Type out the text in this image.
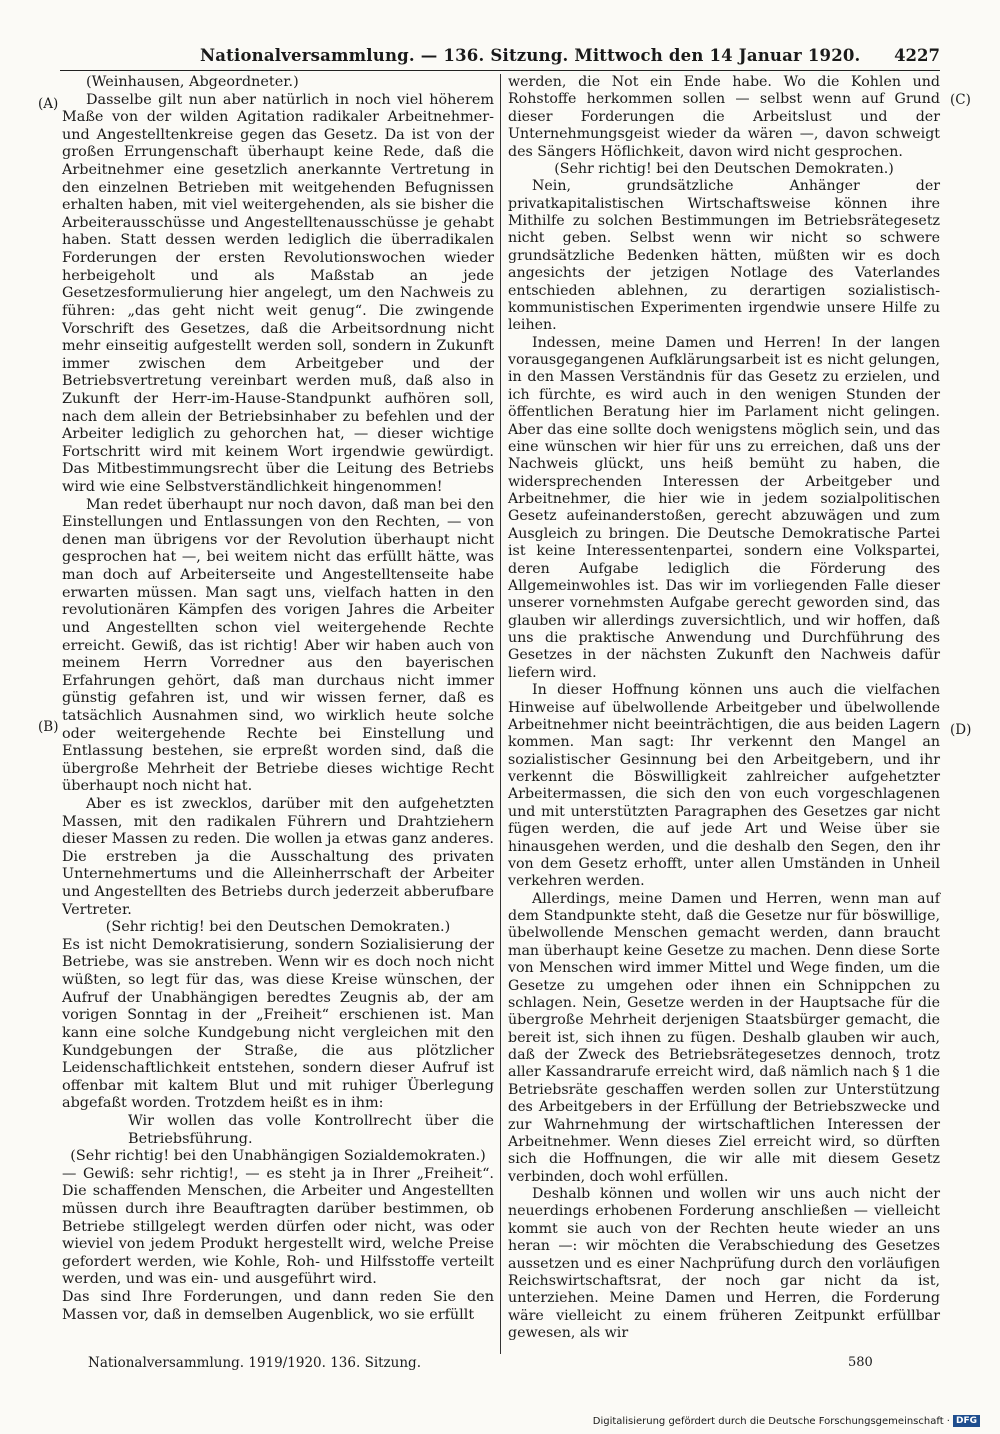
Nationalversammlung. — 136. Sitzung. Mittwoch den 14 Januar 1920. 4227
(A)
(B)
(C)
(D)

(Weinhausen, Abgeordneter.)

Dasselbe gilt nun aber natürlich in noch viel höherem Maße von der wilden Agitation radikaler Arbeitnehmer- und Angestelltenkreise gegen das Gesetz. Da ist von der großen Errungenschaft überhaupt keine Rede, daß die Arbeitnehmer eine gesetzlich anerkannte Vertretung in den einzelnen Betrieben mit weitgehenden Befugnissen erhalten haben, mit viel weitergehenden, als sie bisher die Arbeiterausschüsse und Angestelltenausschüsse je gehabt haben. Statt dessen werden lediglich die überradikalen Forderungen der ersten Revolutionswochen wieder herbeigeholt und als Maßstab an jede Gesetzesformulierung hier angelegt, um den Nachweis zu führen: „das geht nicht weit genug“. Die zwingende Vorschrift des Gesetzes, daß die Arbeitsordnung nicht mehr einseitig aufgestellt werden soll, sondern in Zukunft immer zwischen dem Arbeitgeber und der Betriebsvertretung vereinbart werden muß, daß also in Zukunft der Herr-im-Hause-Standpunkt aufhören soll, nach dem allein der Betriebsinhaber zu befehlen und der Arbeiter lediglich zu gehorchen hat, — dieser wichtige Fortschritt wird mit keinem Wort irgendwie gewürdigt. Das Mitbestimmungsrecht über die Leitung des Betriebs wird wie eine Selbstverständlichkeit hingenommen!

Man redet überhaupt nur noch davon, daß man bei den Einstellungen und Entlassungen von den Rechten, — von denen man übrigens vor der Revolution überhaupt nicht gesprochen hat —, bei weitem nicht das erfüllt hätte, was man doch auf Arbeiterseite und Angestelltenseite habe erwarten müssen. Man sagt uns, vielfach hatten in den revolutionären Kämpfen des vorigen Jahres die Arbeiter und Angestellten schon viel weitergehende Rechte erreicht. Gewiß, das ist richtig! Aber wir haben auch von meinem Herrn Vorredner aus den bayerischen Erfahrungen gehört, daß man durchaus nicht immer günstig gefahren ist, und wir wissen ferner, daß es tatsächlich Ausnahmen sind, wo wirklich heute solche oder weitergehende Rechte bei Einstellung und Entlassung bestehen, sie erpreßt worden sind, daß die übergroße Mehrheit der Betriebe dieses wichtige Recht überhaupt noch nicht hat.

Aber es ist zwecklos, darüber mit den aufgehetzten Massen, mit den radikalen Führern und Drahtziehern dieser Massen zu reden. Die wollen ja etwas ganz anderes. Die erstreben ja die Ausschaltung des privaten Unternehmertums und die Alleinherrschaft der Arbeiter und Angestellten des Betriebs durch jederzeit abberufbare Vertreter.

(Sehr richtig! bei den Deutschen Demokraten.)

Es ist nicht Demokratisierung, sondern Sozialisierung der Betriebe, was sie anstreben. Wenn wir es doch noch nicht wüßten, so legt für das, was diese Kreise wünschen, der Aufruf der Unabhängigen beredtes Zeugnis ab, der am vorigen Sonntag in der „Freiheit“ erschienen ist. Man kann eine solche Kundgebung nicht vergleichen mit den Kundgebungen der Straße, die aus plötzlicher Leidenschaftlichkeit entstehen, sondern dieser Aufruf ist offenbar mit kaltem Blut und mit ruhiger Überlegung abgefaßt worden. Trotzdem heißt es in ihm:

Wir wollen das volle Kontrollrecht über die Betriebsführung.

(Sehr richtig! bei den Unabhängigen Sozialdemokraten.)

— Gewiß: sehr richtig!, — es steht ja in Ihrer „Freiheit“. Die schaffenden Menschen, die Arbeiter und Angestellten müssen durch ihre Beauftragten darüber bestimmen, ob Betriebe stillgelegt werden dürfen oder nicht, was oder wieviel von jedem Produkt hergestellt wird, welche Preise gefordert werden, wie Kohle, Roh- und Hilfsstoffe verteilt werden, und was ein- und ausgeführt wird.

Das sind Ihre Forderungen, und dann reden Sie den Massen vor, daß in demselben Augenblick, wo sie erfüllt

werden, die Not ein Ende habe. Wo die Kohlen und Rohstoffe herkommen sollen — selbst wenn auf Grund dieser Forderungen die Arbeitslust und der Unternehmungsgeist wieder da wären —, davon schweigt des Sängers Höflichkeit, davon wird nicht gesprochen.

(Sehr richtig! bei den Deutschen Demokraten.)

Nein, grundsätzliche Anhänger der privatkapitalistischen Wirtschaftsweise können ihre Mithilfe zu solchen Bestimmungen im Betriebsrätegesetz nicht geben. Selbst wenn wir nicht so schwere grundsätzliche Bedenken hätten, müßten wir es doch angesichts der jetzigen Notlage des Vaterlandes entschieden ablehnen, zu derartigen sozialistisch-kommunistischen Experimenten irgendwie unsere Hilfe zu leihen.

Indessen, meine Damen und Herren! In der langen vorausgegangenen Aufklärungsarbeit ist es nicht gelungen, in den Massen Verständnis für das Gesetz zu erzielen, und ich fürchte, es wird auch in den wenigen Stunden der öffentlichen Beratung hier im Parlament nicht gelingen. Aber das eine sollte doch wenigstens möglich sein, und das eine wünschen wir hier für uns zu erreichen, daß uns der Nachweis glückt, uns heiß bemüht zu haben, die widersprechenden Interessen der Arbeitgeber und Arbeitnehmer, die hier wie in jedem sozialpolitischen Gesetz aufeinanderstoßen, gerecht abzuwägen und zum Ausgleich zu bringen. Die Deutsche Demokratische Partei ist keine Interessentenpartei, sondern eine Volkspartei, deren Aufgabe lediglich die Förderung des Allgemeinwohles ist. Das wir im vorliegenden Falle dieser unserer vornehmsten Aufgabe gerecht geworden sind, das glauben wir allerdings zuversichtlich, und wir hoffen, daß uns die praktische Anwendung und Durchführung des Gesetzes in der nächsten Zukunft den Nachweis dafür liefern wird.

In dieser Hoffnung können uns auch die vielfachen Hinweise auf übelwollende Arbeitgeber und übelwollende Arbeitnehmer nicht beeinträchtigen, die aus beiden Lagern kommen. Man sagt: Ihr verkennt den Mangel an sozialistischer Gesinnung bei den Arbeitgebern, und ihr verkennt die Böswilligkeit zahlreicher aufgehetzter Arbeitermassen, die sich den von euch vorgeschlagenen und mit unterstützten Paragraphen des Gesetzes gar nicht fügen werden, die auf jede Art und Weise über sie hinausgehen werden, und die deshalb den Segen, den ihr von dem Gesetz erhofft, unter allen Umständen in Unheil verkehren werden.

Allerdings, meine Damen und Herren, wenn man auf dem Standpunkte steht, daß die Gesetze nur für böswillige, übelwollende Menschen gemacht werden, dann braucht man überhaupt keine Gesetze zu machen. Denn diese Sorte von Menschen wird immer Mittel und Wege finden, um die Gesetze zu umgehen oder ihnen ein Schnippchen zu schlagen. Nein, Gesetze werden in der Hauptsache für die übergroße Mehrheit derjenigen Staatsbürger gemacht, die bereit ist, sich ihnen zu fügen. Deshalb glauben wir auch, daß der Zweck des Betriebsrätegesetzes dennoch, trotz aller Kassandrarufe erreicht wird, daß nämlich nach § 1 die Betriebsräte geschaffen werden sollen zur Unterstützung des Arbeitgebers in der Erfüllung der Betriebszwecke und zur Wahrnehmung der wirtschaftlichen Interessen der Arbeitnehmer. Wenn dieses Ziel erreicht wird, so dürften sich die Hoffnungen, die wir alle mit diesem Gesetz verbinden, doch wohl erfüllen.

Deshalb können und wollen wir uns auch nicht der neuerdings erhobenen Forderung anschließen — vielleicht kommt sie auch von der Rechten heute wieder an uns heran —: wir möchten die Verabschiedung des Gesetzes aussetzen und es einer Nachprüfung durch den vorläufigen Reichswirtschaftsrat, der noch gar nicht da ist, unterziehen. Meine Damen und Herren, die Forderung wäre vielleicht zu einem früheren Zeitpunkt erfüllbar gewesen, als wir

Nationalversammlung. 1919/1920. 136. Sitzung.	580
Digitalisierung gefördert durch die Deutsche Forschungsgemeinschaft · DFG
